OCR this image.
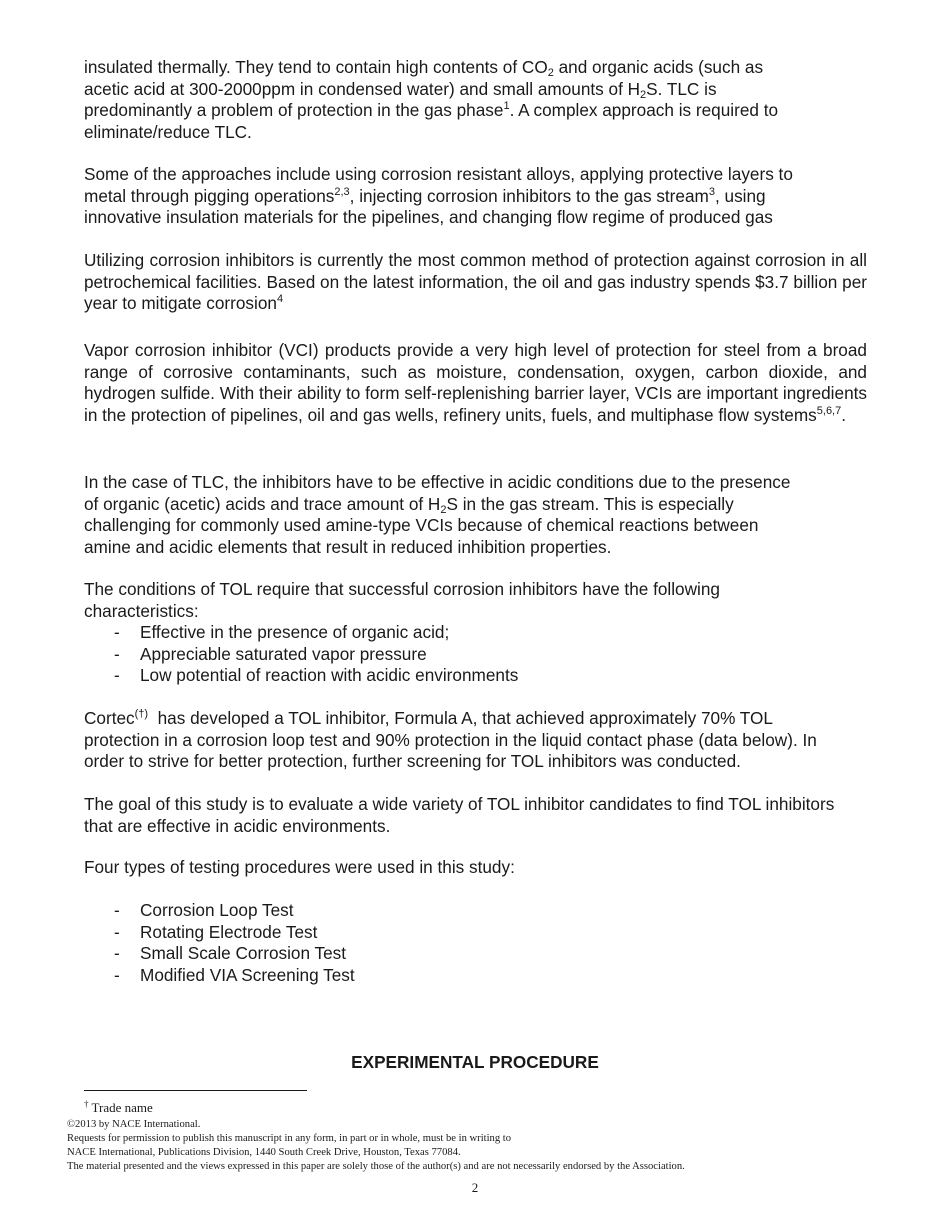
insulated thermally. They tend to contain high contents of $CO_2$ and organic acids (such as
acetic acid at 300-2000ppm in condensed water) and small amounts of $H_2S$. TLC is
predominantly a problem of protection in the gas phase$^1$. A complex approach is required to
eliminate/reduce TLC.

Some of the approaches include using corrosion resistant alloys, applying protective layers to
metal through pigging operations$^{2,3}$, injecting corrosion inhibitors to the gas stream$^3$, using
innovative insulation materials for the pipelines, and changing flow regime of produced gas

Utilizing corrosion inhibitors is currently the most common method of protection against corrosion in all petrochemical facilities. Based on the latest information, the oil and gas industry spends $3.7 billion per year to mitigate corrosion$^4$

Vapor corrosion inhibitor (VCI) products provide a very high level of protection for steel from a broad range of corrosive contaminants, such as moisture, condensation, oxygen, carbon dioxide, and hydrogen sulfide. With their ability to form self-replenishing barrier layer, VCIs are important ingredients in the protection of pipelines, oil and gas wells, refinery units, fuels, and multiphase flow systems$^{5,6,7}$.

In the case of TLC, the inhibitors have to be effective in acidic conditions due to the presence
of organic (acetic) acids and trace amount of $H_2S$ in the gas stream. This is especially
challenging for commonly used amine-type VCIs because of chemical reactions between
amine and acidic elements that result in reduced inhibition properties.

The conditions of TOL require that successful corrosion inhibitors have the following
characteristics:

- Effective in the presence of organic acid;
- Appreciable saturated vapor pressure
- Low potential of reaction with acidic environments

Cortec(†)  has developed a TOL inhibitor, Formula A, that achieved approximately 70% TOL
protection in a corrosion loop test and 90% protection in the liquid contact phase (data below). In
order to strive for better protection, further screening for TOL inhibitors was conducted.

The goal of this study is to evaluate a wide variety of TOL inhibitor candidates to find TOL inhibitors
that are effective in acidic environments.

Four types of testing procedures were used in this study:

- Corrosion Loop Test
- Rotating Electrode Test
- Small Scale Corrosion Test
- Modified VIA Screening Test
EXPERIMENTAL PROCEDURE
† Trade name
©2013 by NACE International.
Requests for permission to publish this manuscript in any form, in part or in whole, must be in writing to
NACE International, Publications Division, 1440 South Creek Drive, Houston, Texas 77084.
The material presented and the views expressed in this paper are solely those of the author(s) and are not necessarily endorsed by the Association.
2
